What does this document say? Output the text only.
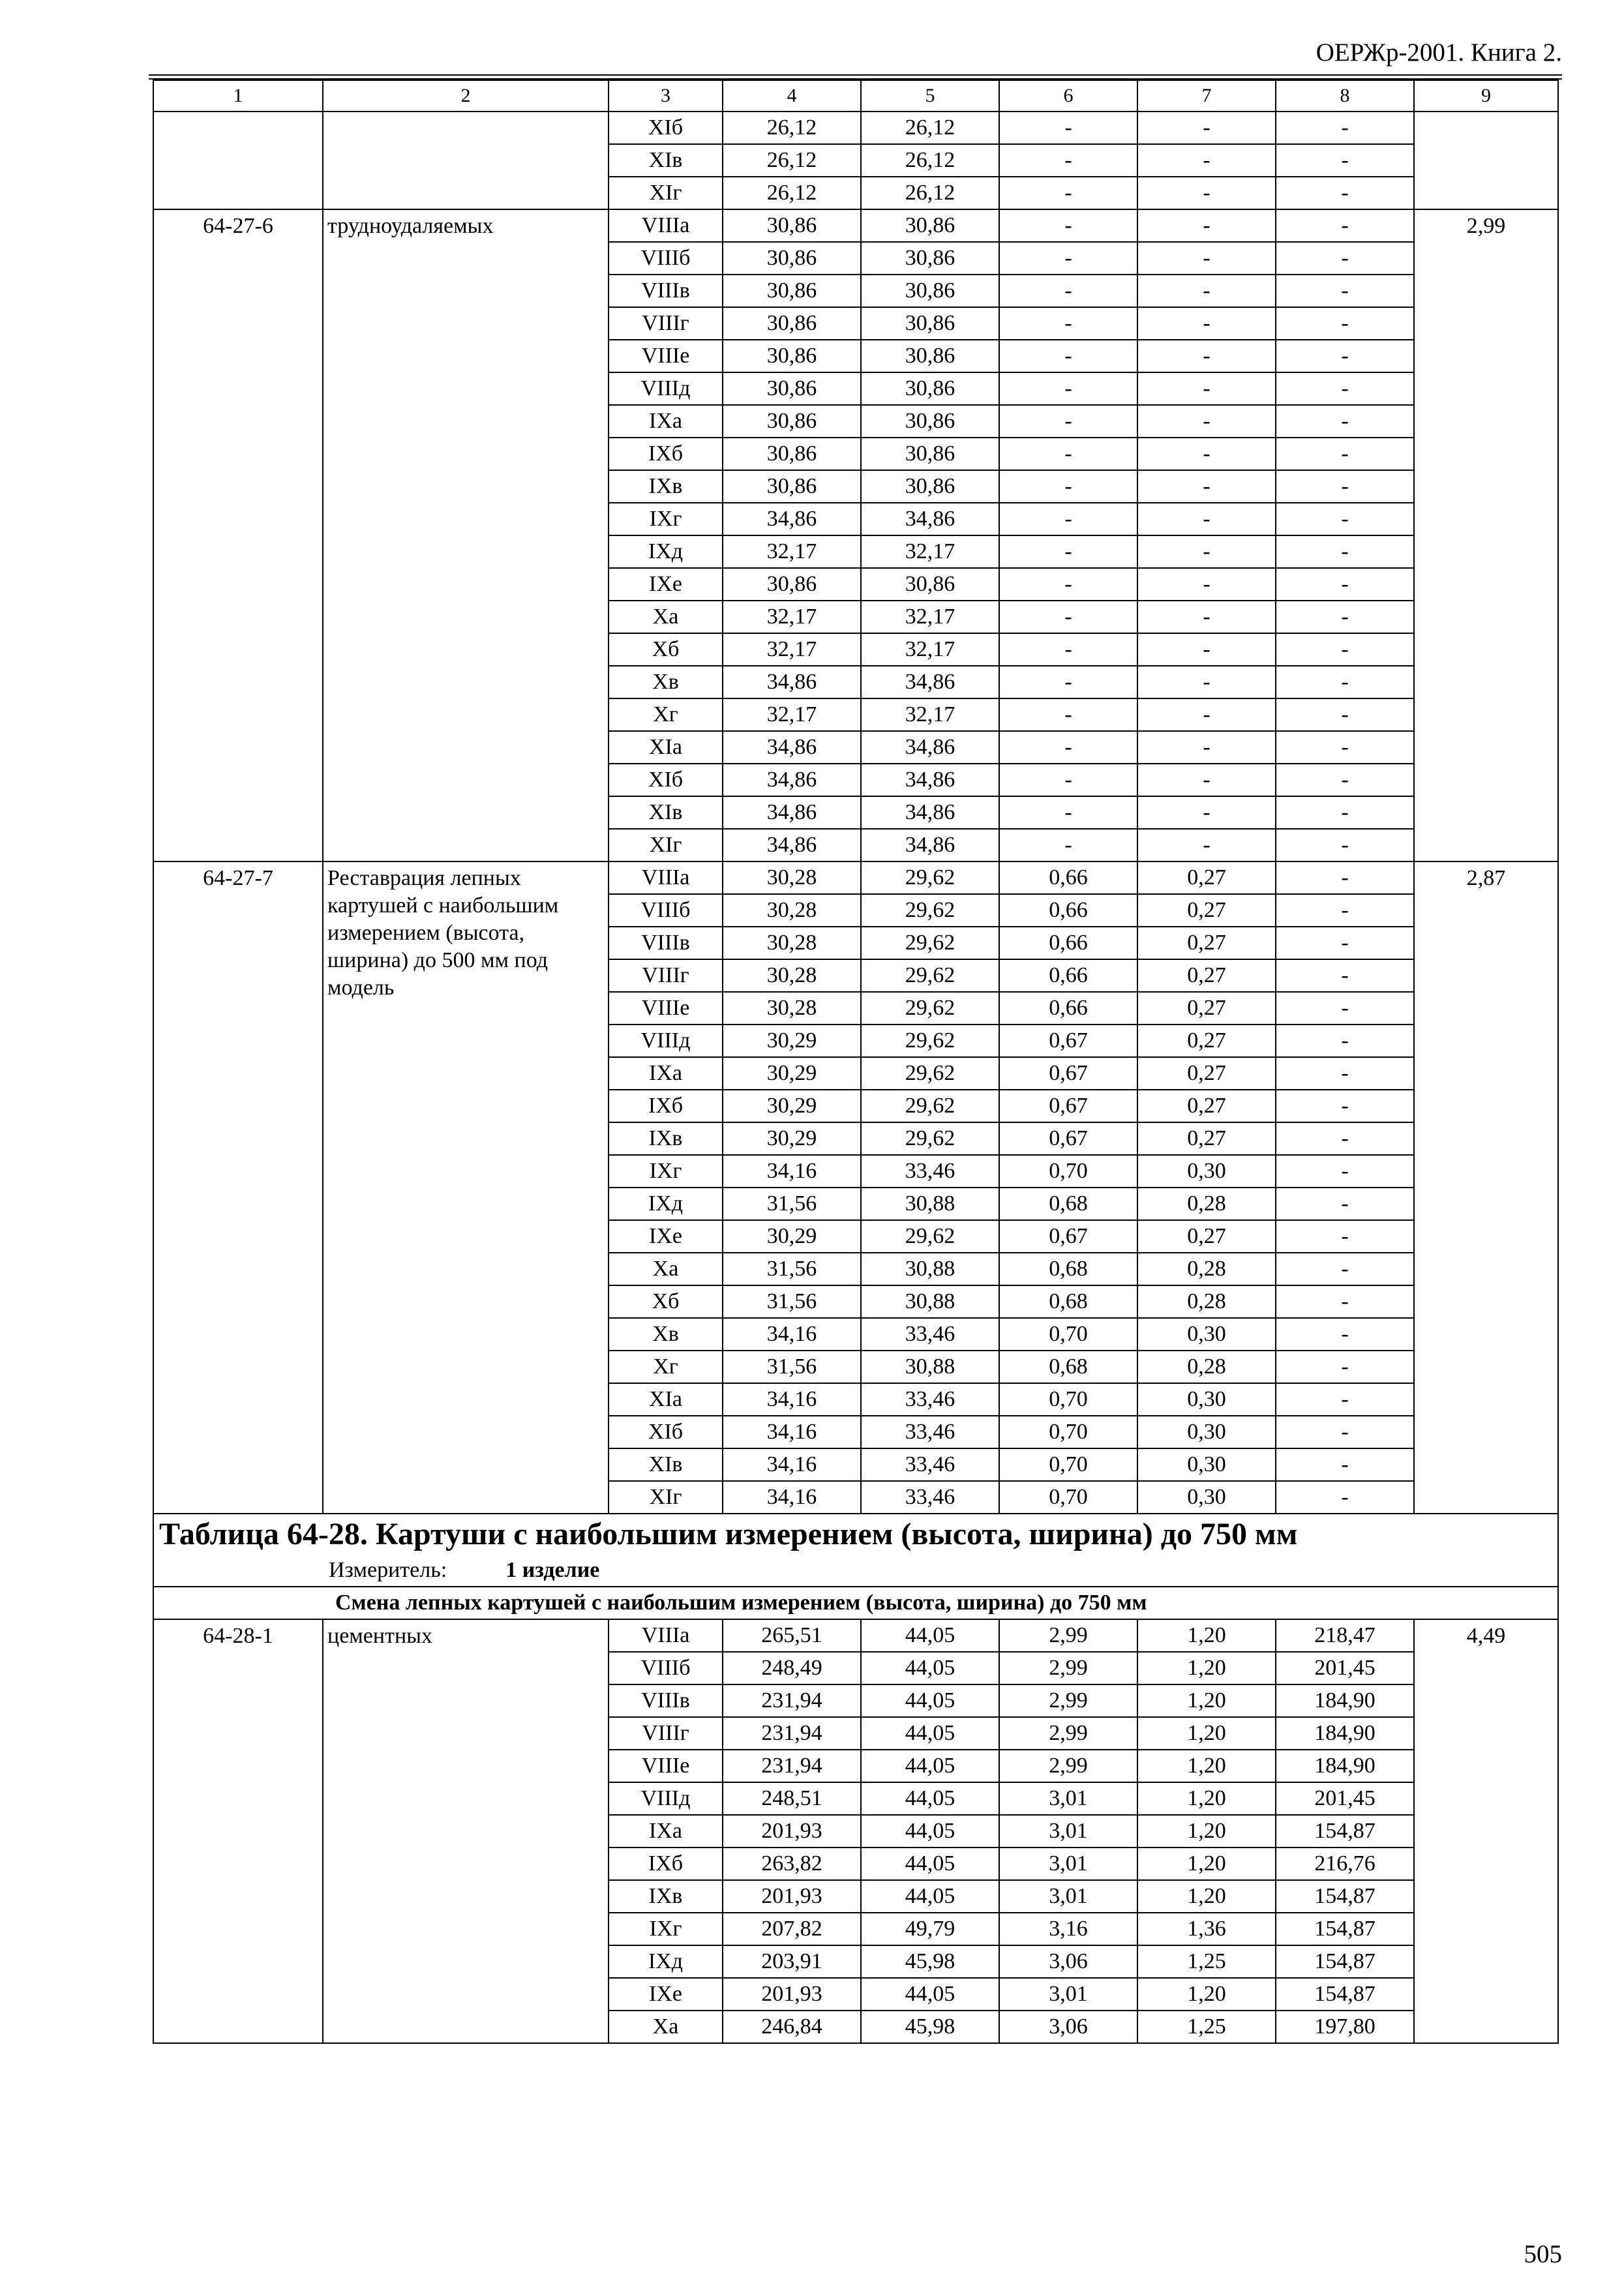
ОЕРЖр-2001. Книга 2.
1	2	3	4	5	6	7	8	9
		XIб	26,12	26,12	-	-	-	
		XIв	26,12	26,12	-	-	-	
		XIг	26,12	26,12	-	-	-	
64-27-6	трудноудаляемых	VIIIа	30,86	30,86	-	-	-	2,99
		VIIIб	30,86	30,86	-	-	-	
		VIIIв	30,86	30,86	-	-	-	
		VIIIг	30,86	30,86	-	-	-	
		VIIIе	30,86	30,86	-	-	-	
		VIIIд	30,86	30,86	-	-	-	
		IXа	30,86	30,86	-	-	-	
		IXб	30,86	30,86	-	-	-	
		IXв	30,86	30,86	-	-	-	
		IXг	34,86	34,86	-	-	-	
		IXд	32,17	32,17	-	-	-	
		IXе	30,86	30,86	-	-	-	
		Xа	32,17	32,17	-	-	-	
		Xб	32,17	32,17	-	-	-	
		Xв	34,86	34,86	-	-	-	
		Xг	32,17	32,17	-	-	-	
		XIа	34,86	34,86	-	-	-	
		XIб	34,86	34,86	-	-	-	
		XIв	34,86	34,86	-	-	-	
		XIг	34,86	34,86	-	-	-	
64-27-7	Реставрация лепных картушей с наибольшим измерением (высота, ширина) до 500 мм под модель	VIIIа	30,28	29,62	0,66	0,27	-	2,87
		VIIIб	30,28	29,62	0,66	0,27	-	
		VIIIв	30,28	29,62	0,66	0,27	-	
		VIIIг	30,28	29,62	0,66	0,27	-	
		VIIIе	30,28	29,62	0,66	0,27	-	
		VIIIд	30,29	29,62	0,67	0,27	-	
		IXа	30,29	29,62	0,67	0,27	-	
		IXб	30,29	29,62	0,67	0,27	-	
		IXв	30,29	29,62	0,67	0,27	-	
		IXг	34,16	33,46	0,70	0,30	-	
		IXд	31,56	30,88	0,68	0,28	-	
		IXе	30,29	29,62	0,67	0,27	-	
		Xа	31,56	30,88	0,68	0,28	-	
		Xб	31,56	30,88	0,68	0,28	-	
		Xв	34,16	33,46	0,70	0,30	-	
		Xг	31,56	30,88	0,68	0,28	-	
		XIа	34,16	33,46	0,70	0,30	-	
		XIб	34,16	33,46	0,70	0,30	-	
		XIв	34,16	33,46	0,70	0,30	-	
		XIг	34,16	33,46	0,70	0,30	-	

Таблица 64-28. Картуши с наибольшим измерением (высота, ширина) до 750 мм
Измеритель: 1 изделие								

Смена лепных картушей с наибольшим измерением (высота, ширина) до 750 мм								
64-28-1	цементных	VIIIа	265,51	44,05	2,99	1,20	218,47	4,49
		VIIIб	248,49	44,05	2,99	1,20	201,45	
		VIIIв	231,94	44,05	2,99	1,20	184,90	
		VIIIг	231,94	44,05	2,99	1,20	184,90	
		VIIIе	231,94	44,05	2,99	1,20	184,90	
		VIIIд	248,51	44,05	3,01	1,20	201,45	
		IXа	201,93	44,05	3,01	1,20	154,87	
		IXб	263,82	44,05	3,01	1,20	216,76	
		IXв	201,93	44,05	3,01	1,20	154,87	
		IXг	207,82	49,79	3,16	1,36	154,87	
		IXд	203,91	45,98	3,06	1,25	154,87	
		IXе	201,93	44,05	3,01	1,20	154,87	
		Xа	246,84	45,98	3,06	1,25	197,80	
505
